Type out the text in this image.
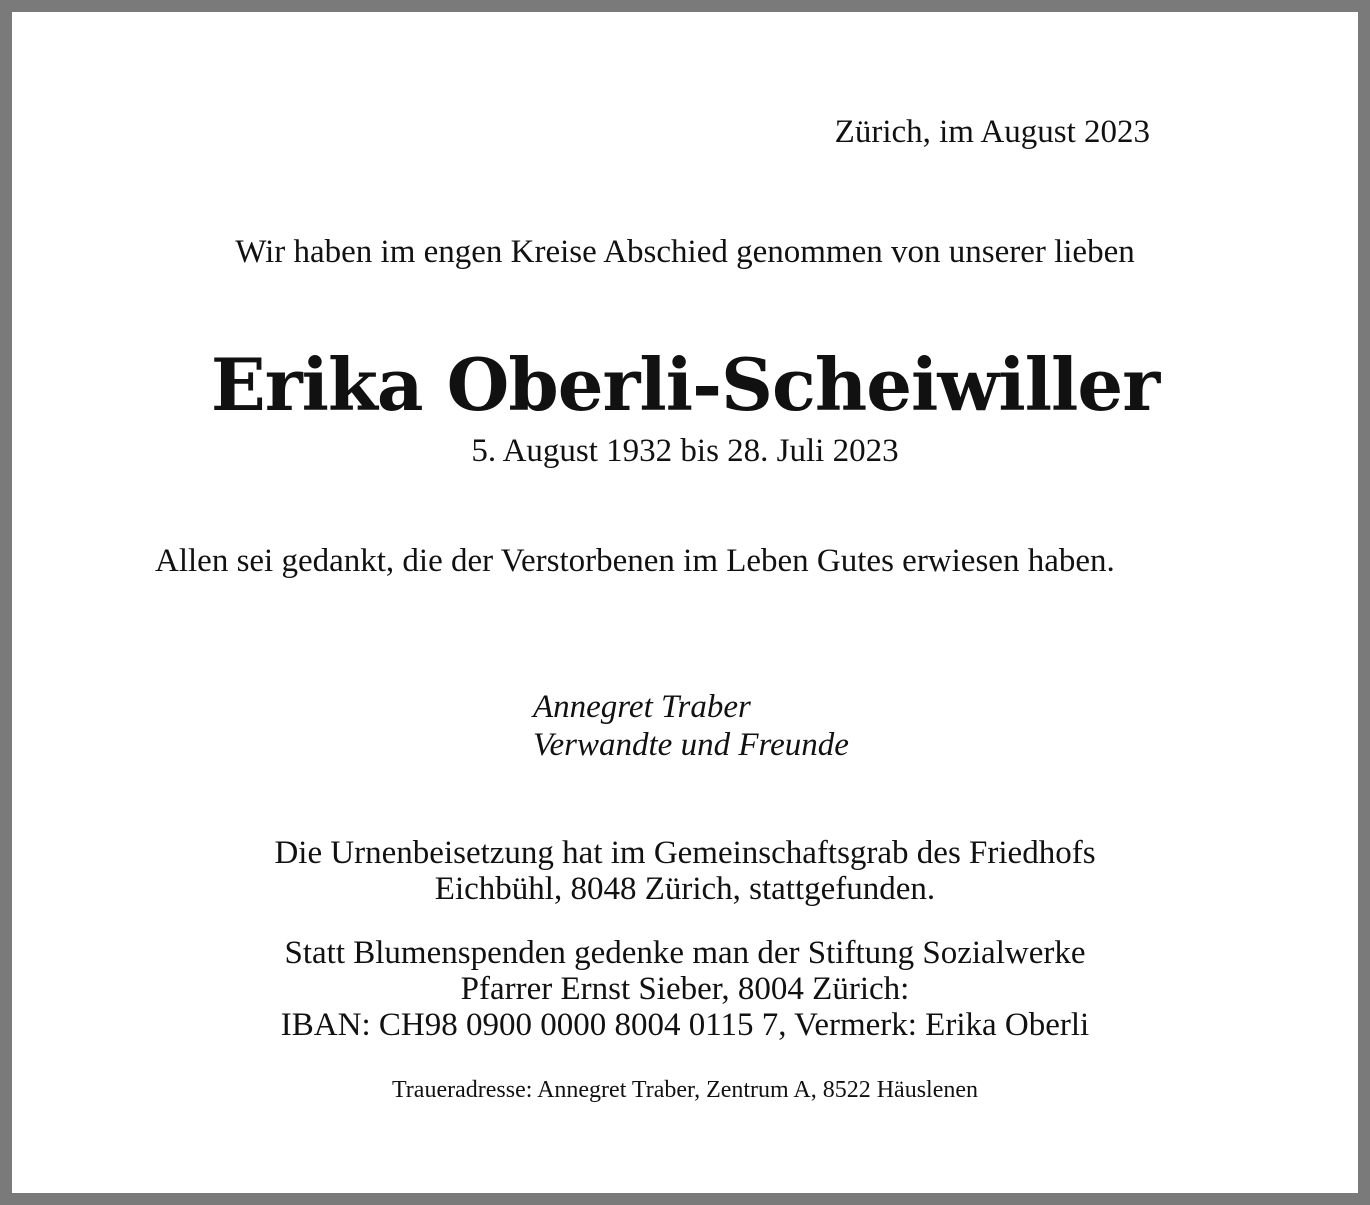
Zürich, im August 2023
Wir haben im engen Kreise Abschied genommen von unserer lieben
Erika Oberli-Scheiwiller
5. August 1932 bis 28. Juli 2023
Allen sei gedankt, die der Verstorbenen im Leben Gutes erwiesen haben.
Annegret Traber
Verwandte und Freunde
Die Urnenbeisetzung hat im Gemeinschaftsgrab des Friedhofs
Eichbühl, 8048 Zürich, stattgefunden.
Statt Blumenspenden gedenke man der Stiftung Sozialwerke
Pfarrer Ernst Sieber, 8004 Zürich:
IBAN: CH98 0900 0000 8004 0115 7, Vermerk: Erika Oberli
Traueradresse: Annegret Traber, Zentrum A, 8522 Häuslenen
